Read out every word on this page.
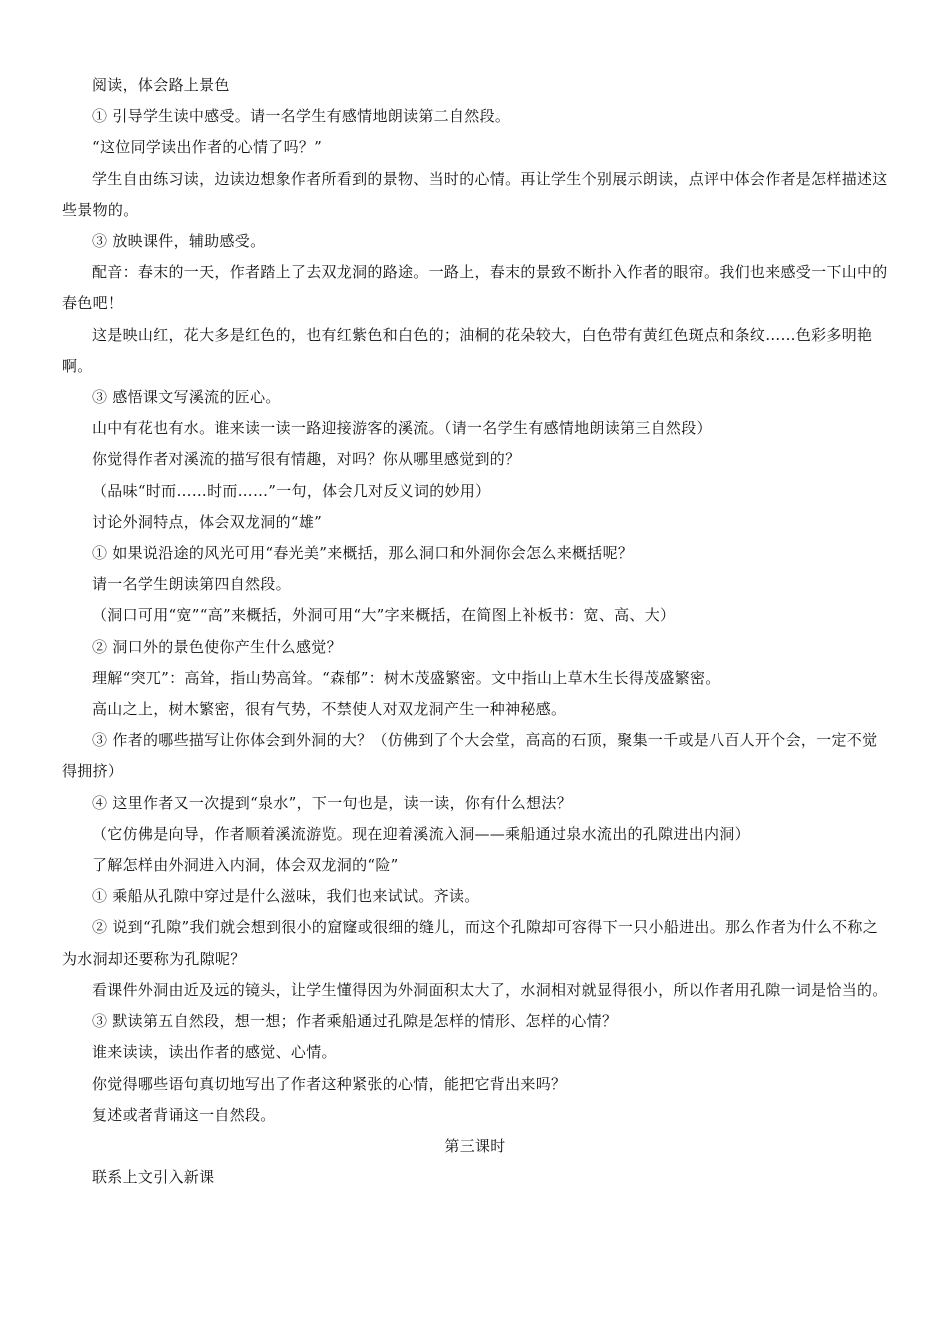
阅读，体会路上景色

① 引导学生读中感受。请一名学生有感情地朗读第二自然段。

“这位同学读出作者的心情了吗？”

学生自由练习读，边读边想象作者所看到的景物、当时的心情。再让学生个别展示朗读，点评中体会作者是怎样描述这些景物的。

③ 放映课件，辅助感受。

配音：春末的一天，作者踏上了去双龙洞的路途。一路上，春末的景致不断扑入作者的眼帘。我们也来感受一下山中的春色吧！

这是映山红，花大多是红色的，也有红紫色和白色的；油桐的花朵较大，白色带有黄红色斑点和条纹……色彩多明艳啊。

③ 感悟课文写溪流的匠心。

山中有花也有水。谁来读一读一路迎接游客的溪流。（请一名学生有感情地朗读第三自然段）

你觉得作者对溪流的描写很有情趣，对吗？你从哪里感觉到的？

（品味“时而……时而……”一句，体会几对反义词的妙用）

讨论外洞特点，体会双龙洞的“雄”

① 如果说沿途的风光可用“春光美”来概括，那么洞口和外洞你会怎么来概括呢？

请一名学生朗读第四自然段。

（洞口可用“宽”“高”来概括，外洞可用“大”字来概括，在简图上补板书：宽、高、大）

② 洞口外的景色使你产生什么感觉？

理解“突兀”：高耸，指山势高耸。“森郁”：树木茂盛繁密。文中指山上草木生长得茂盛繁密。

高山之上，树木繁密，很有气势，不禁使人对双龙洞产生一种神秘感。

③ 作者的哪些描写让你体会到外洞的大？（仿佛到了个大会堂，高高的石顶，聚集一千或是八百人开个会，一定不觉得拥挤）

④ 这里作者又一次提到“泉水”，下一句也是，读一读，你有什么想法？

（它仿佛是向导，作者顺着溪流游览。现在迎着溪流入洞——乘船通过泉水流出的孔隙进出内洞）

了解怎样由外洞进入内洞，体会双龙洞的“险”

① 乘船从孔隙中穿过是什么滋味，我们也来试试。齐读。

② 说到“孔隙”我们就会想到很小的窟窿或很细的缝儿，而这个孔隙却可容得下一只小船进出。那么作者为什么不称之为水洞却还要称为孔隙呢？

看课件外洞由近及远的镜头，让学生懂得因为外洞面积太大了，水洞相对就显得很小，所以作者用孔隙一词是恰当的。

③ 默读第五自然段，想一想；作者乘船通过孔隙是怎样的情形、怎样的心情？

谁来读读，读出作者的感觉、心情。

你觉得哪些语句真切地写出了作者这种紧张的心情，能把它背出来吗？

复述或者背诵这一自然段。

第三课时

联系上文引入新课
